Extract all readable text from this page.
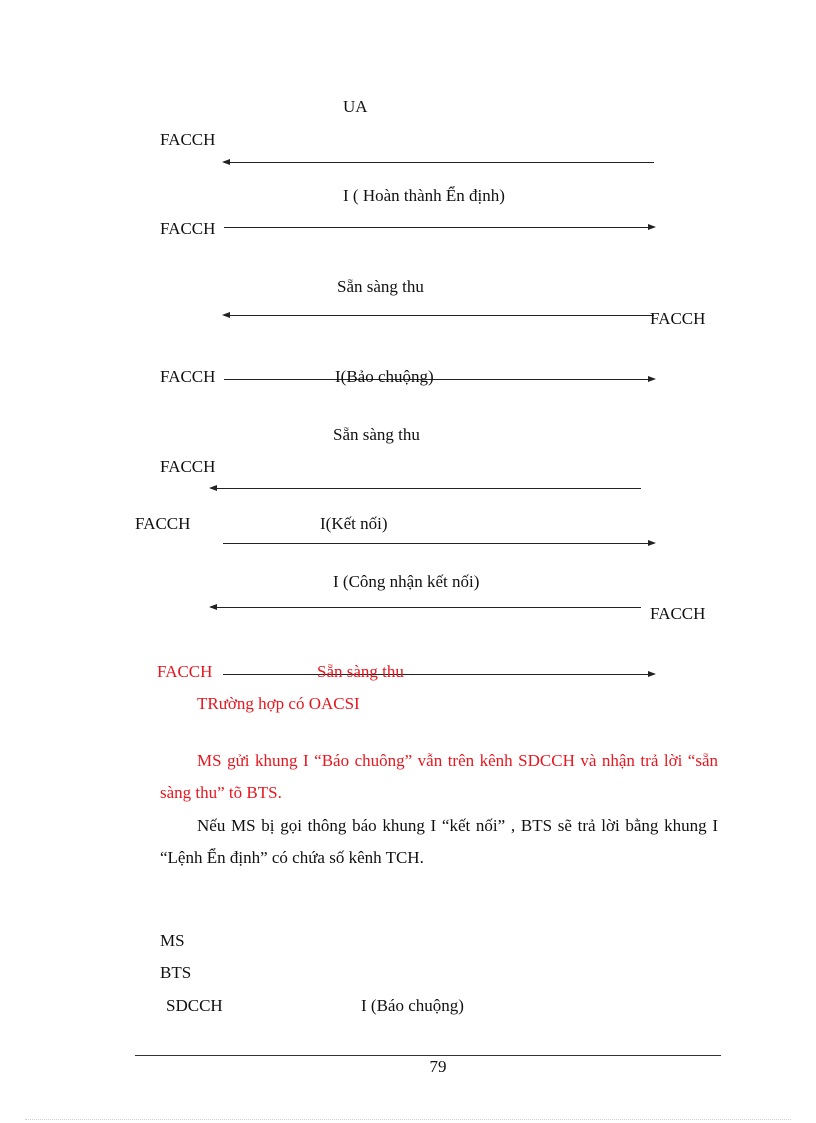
UA
FACCH
I ( Hoàn thành Ển định)
FACCH
Sẵn sàng thu
FACCH
FACCH	I(Bảo chuộng)
Sẵn sàng thu
FACCH
FACCH	I(Kết nối)
I (Công nhận kết nối)
FACCH
FACCH	Sẵn sàng thu
TRường hợp có OACSI
MS gửi khung I “Báo chuông” vẫn trên kênh SDCCH và nhận trả lời “sẵn sàng thu” tõ BTS.
Nếu MS bị gọi thông báo khung I “kết nối” , BTS sẽ trả lời bằng khung I “Lệnh Ển định” có chứa số kênh TCH.
MS
BTS
SDCCH	I (Báo chuộng)
79
